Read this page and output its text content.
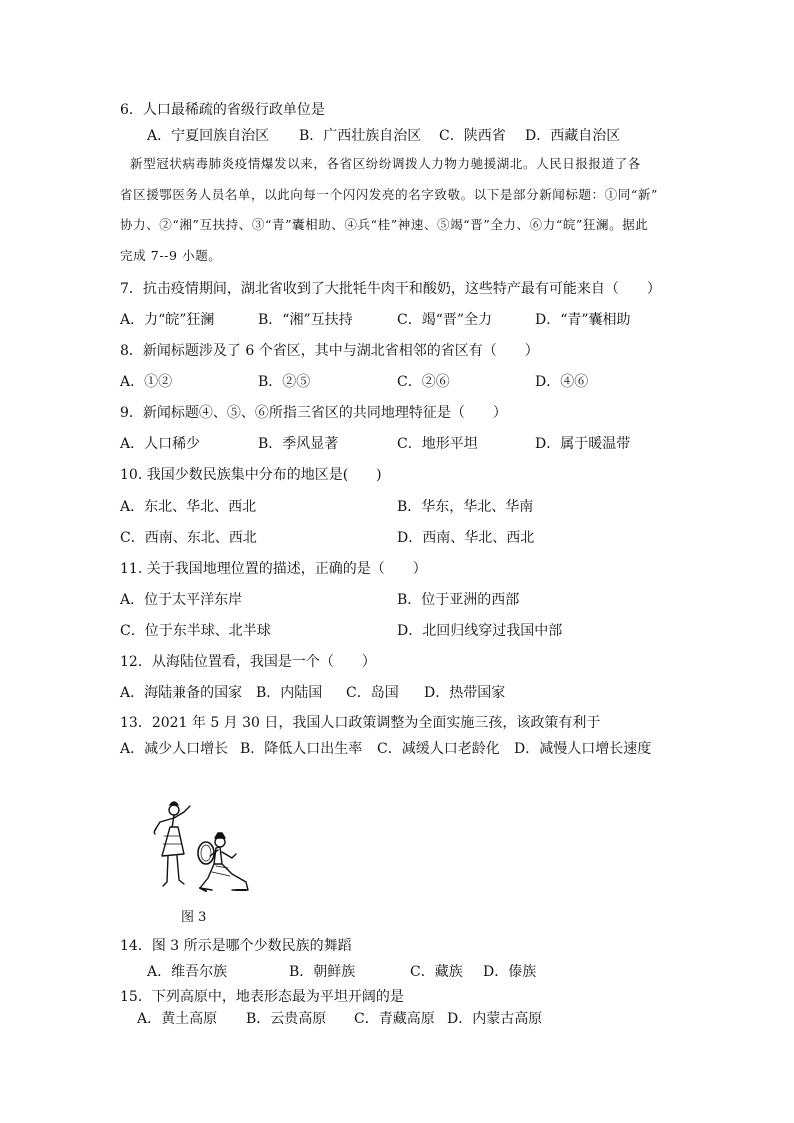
6．人口最稀疏的省级行政单位是
A．宁夏回族自治区 B．广西壮族自治区 C．陕西省 D．西藏自治区
新型冠状病毒肺炎疫情爆发以来，各省区纷纷调拨人力物力驰援湖北。人民日报报道了各
省区援鄂医务人员名单，以此向每一个闪闪发亮的名字致敬。以下是部分新闻标题：①同“新”
协力、②“湘”互扶持、③“青”囊相助、④兵“桂”神速、⑤竭“晋”全力、⑥力“皖”狂澜。据此
完成 7--9 小题。
7．抗击疫情期间，湖北省收到了大批牦牛肉干和酸奶，这些特产最有可能来自（　　）
A．力“皖”狂澜	B．“湘”互扶持	C．竭“晋”全力	D．“青”囊相助
8．新闻标题涉及了 6 个省区，其中与湖北省相邻的省区有（　　）
A．①②	B．②⑤	C．②⑥	D．④⑥
9．新闻标题④、⑤、⑥所指三省区的共同地理特征是（　　）
A．人口稀少	B．季风显著	C．地形平坦	D．属于暖温带
10. 我国少数民族集中分布的地区是(　　)
A．东北、华北、西北	B．华东，华北、华南
C．西南、东北、西北	D．西南、华北、西北
11. 关于我国地理位置的描述，正确的是（　　）
A．位于太平洋东岸	B．位于亚洲的西部
C．位于东半球、北半球	D．北回归线穿过我国中部
12．从海陆位置看，我国是一个（　　）
A．海陆兼备的国家 B．内陆国 C．岛国 D．热带国家
13．2021 年 5 月 30 日，我国人口政策调整为全面实施三孩，该政策有利于
A．减少人口增长 B．降低人口出生率 C．减缓人口老龄化 D．减慢人口增长速度
图 3
14．图 3 所示是哪个少数民族的舞蹈
A．维吾尔族	B．朝鲜族	C．藏族 D．傣族
15．下列高原中，地表形态最为平坦开阔的是
A．黄土高原 B．云贵高原 C．青藏高原 D．内蒙古高原
